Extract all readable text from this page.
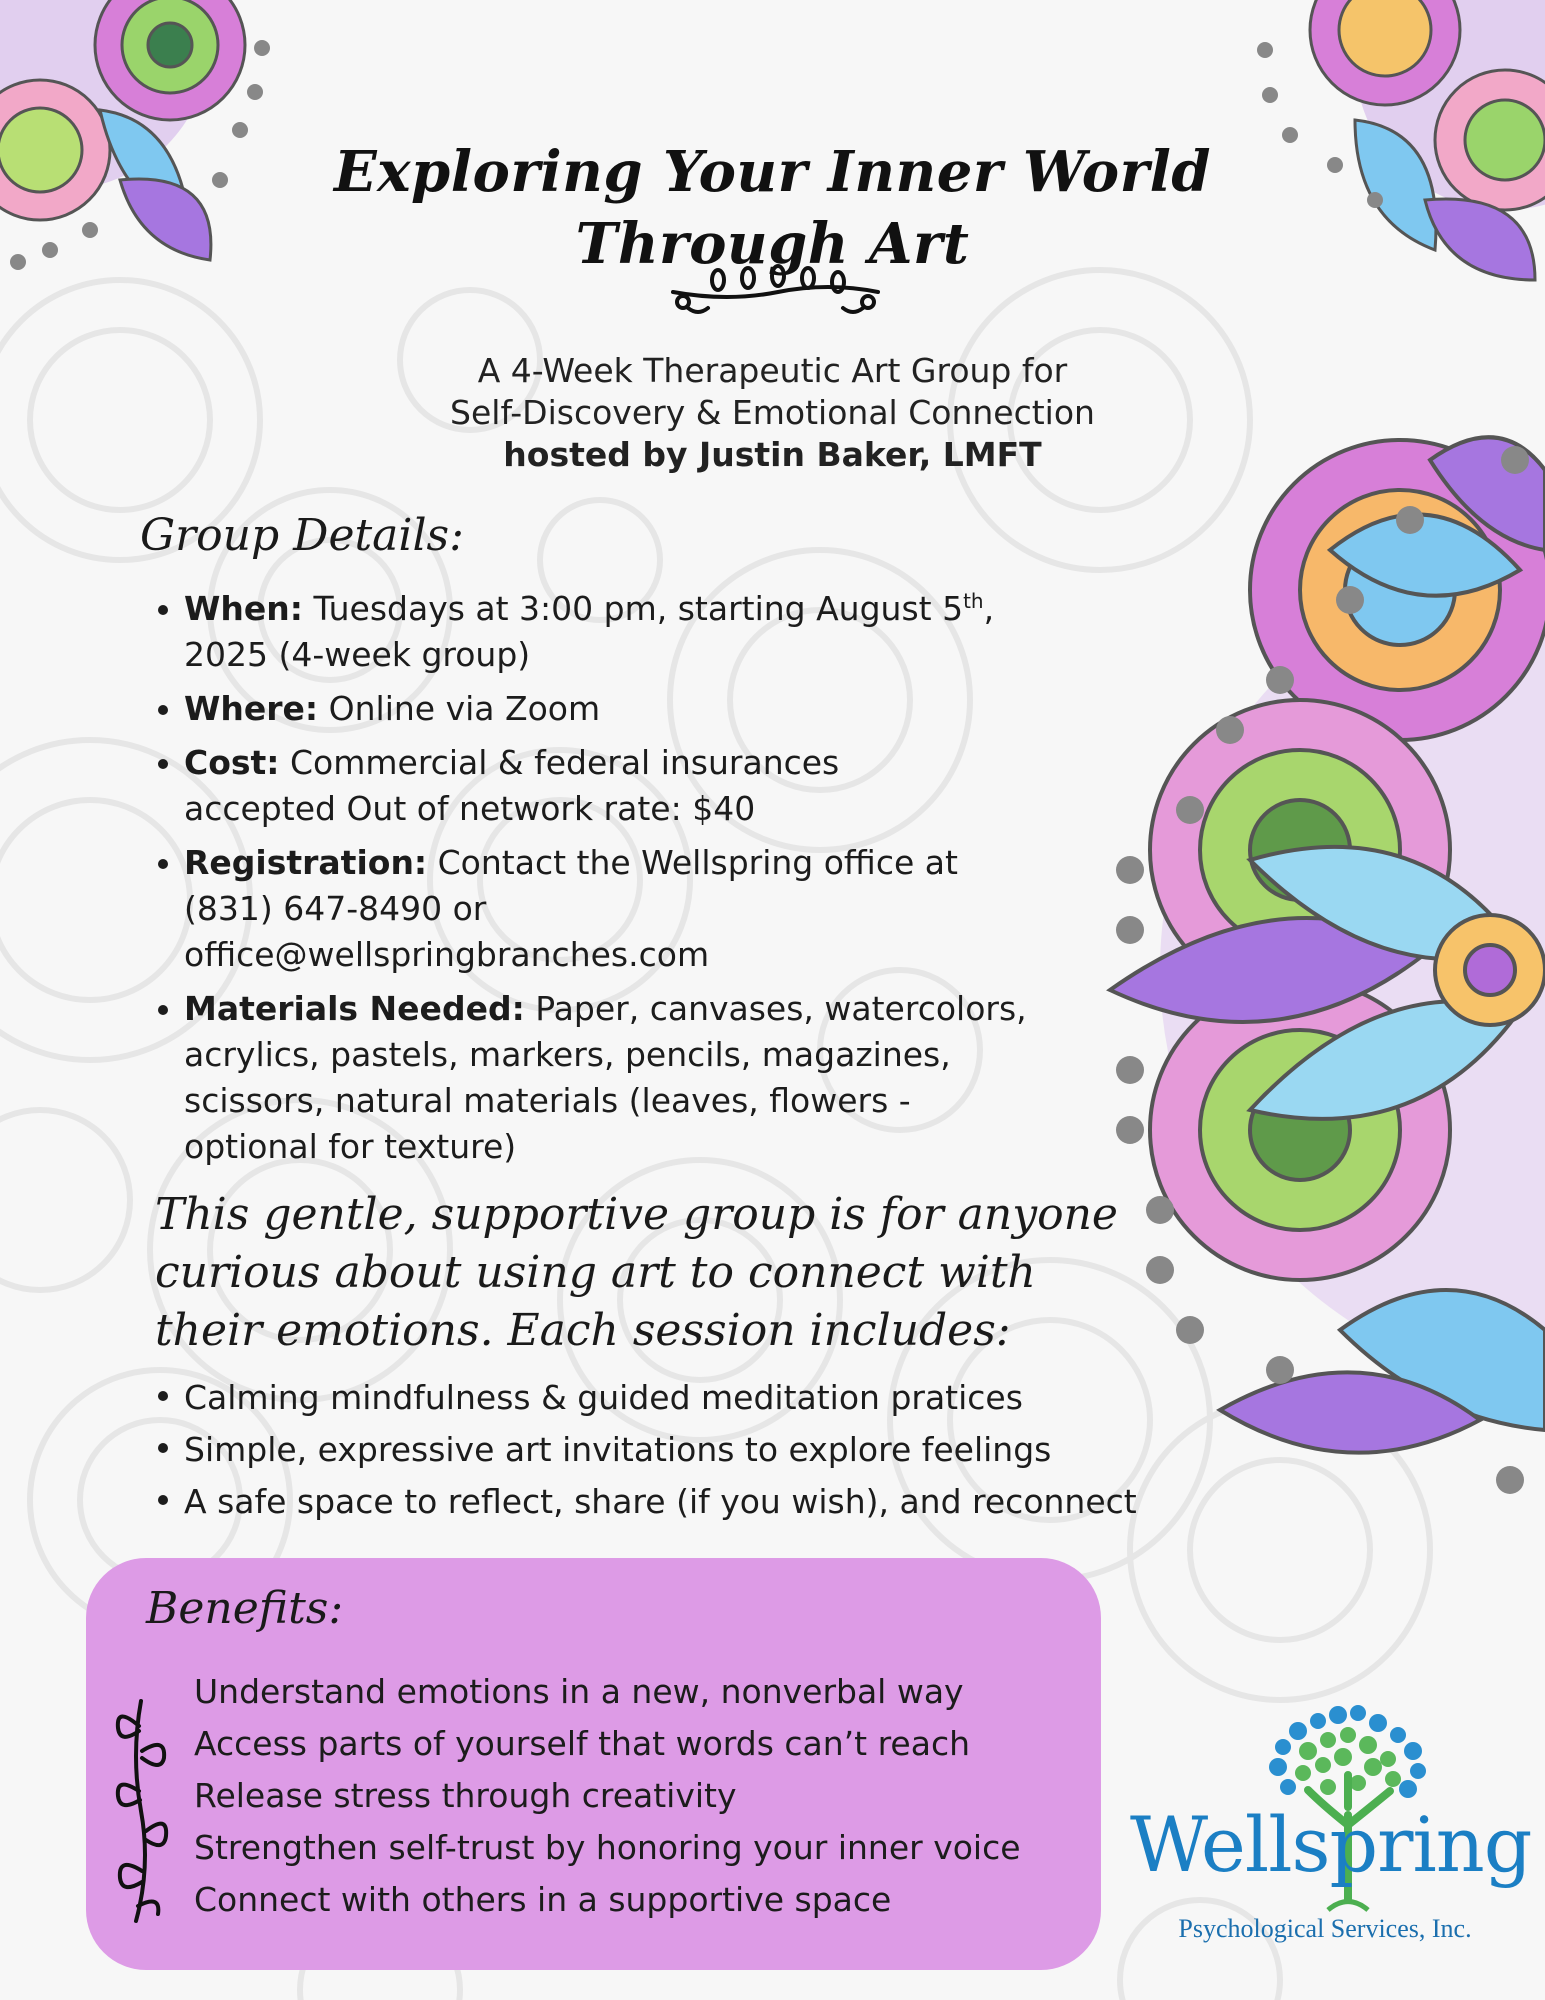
Exploring Your Inner World Through Art
A 4-Week Therapeutic Art Group for
Self-Discovery & Emotional Connection
hosted by Justin Baker, LMFT
Group Details:
When: Tuesdays at 3:00 pm, starting August 5th, 2025 (4-week group)
Where: Online via Zoom
Cost: Commercial & federal insurances accepted Out of network rate: $40
Registration: Contact the Wellspring office at (831) 647-8490 or office@wellspringbranches.com
Materials Needed: Paper, canvases, watercolors, acrylics, pastels, markers, pencils, magazines, scissors, natural materials (leaves, flowers - optional for texture)
This gentle, supportive group is for anyone curious about using art to connect with their emotions. Each session includes:
Calming mindfulness & guided meditation pratices
Simple, expressive art invitations to explore feelings
A safe space to reflect, share (if you wish), and reconnect
Benefits:
Understand emotions in a new, nonverbal way
Access parts of yourself that words can’t reach
Release stress through creativity
Strengthen self-trust by honoring your inner voice
Connect with others in a supportive space
Wellspring
Psychological Services, Inc.
